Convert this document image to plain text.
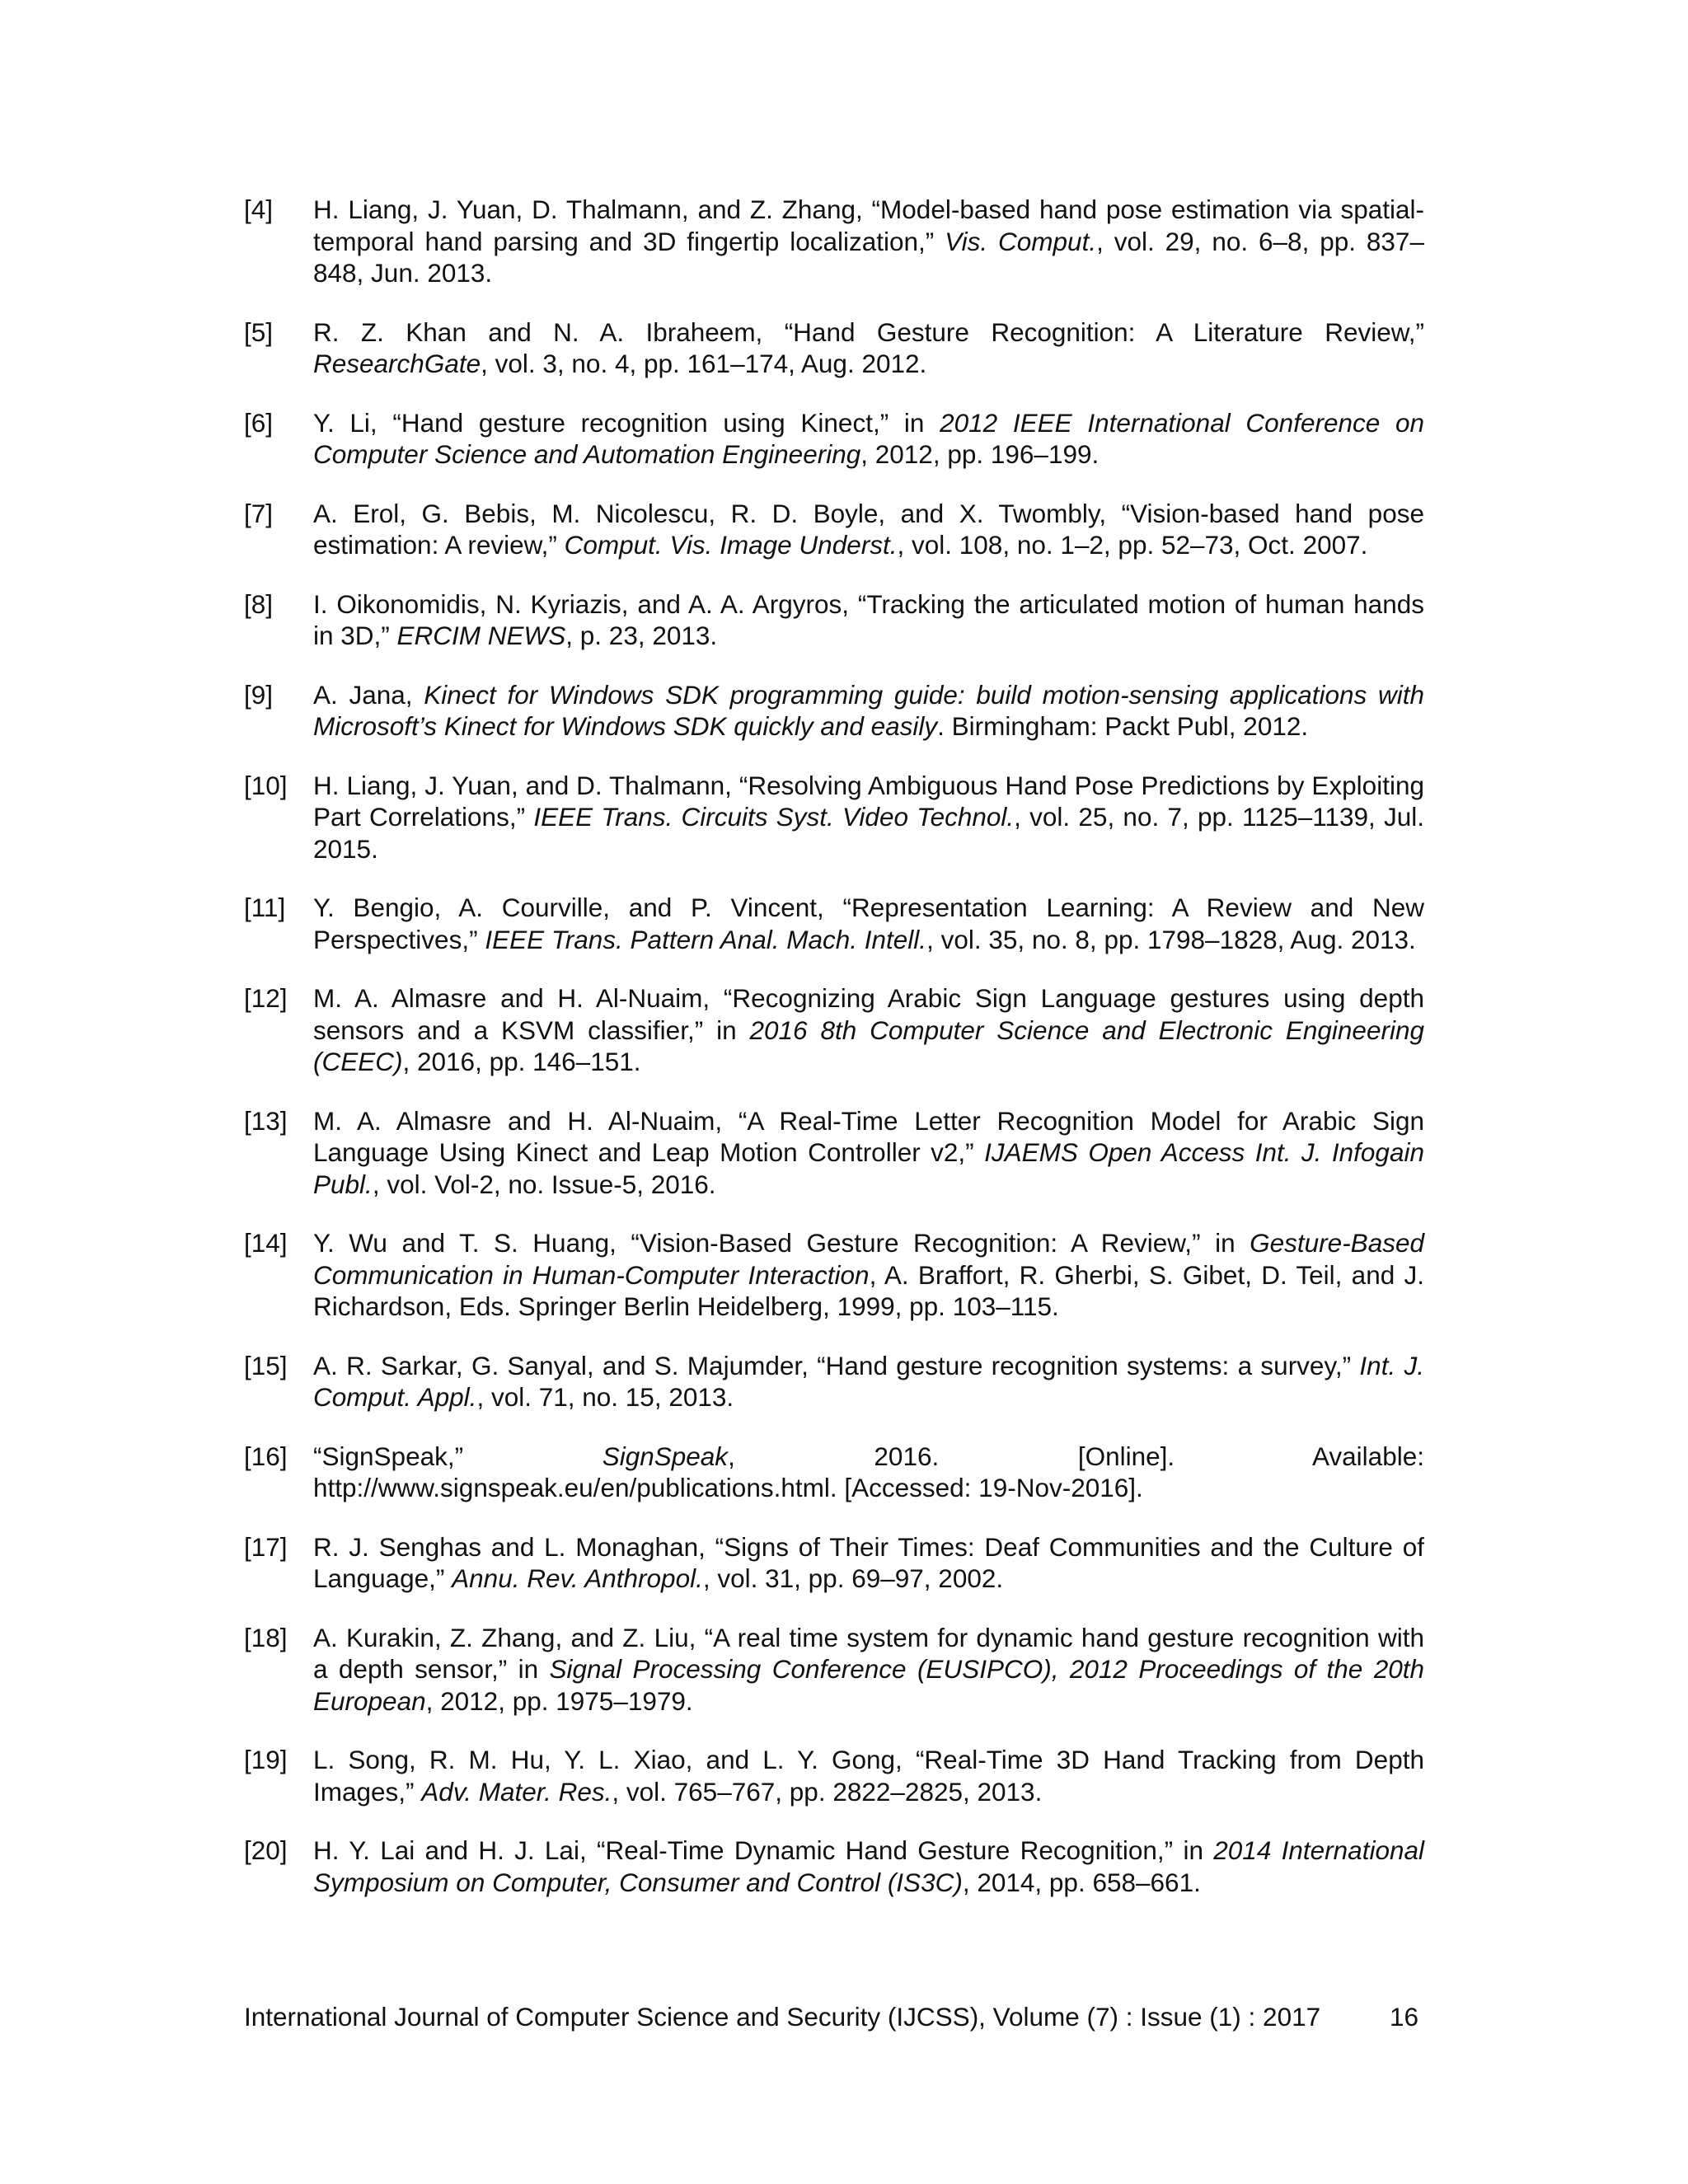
[4] H. Liang, J. Yuan, D. Thalmann, and Z. Zhang, “Model-based hand pose estimation via spatial-temporal hand parsing and 3D fingertip localization,” Vis. Comput., vol. 29, no. 6–8, pp. 837–848, Jun. 2013.
[5] R. Z. Khan and N. A. Ibraheem, “Hand Gesture Recognition: A Literature Review,” ResearchGate, vol. 3, no. 4, pp. 161–174, Aug. 2012.
[6] Y. Li, “Hand gesture recognition using Kinect,” in 2012 IEEE International Conference on Computer Science and Automation Engineering, 2012, pp. 196–199.
[7] A. Erol, G. Bebis, M. Nicolescu, R. D. Boyle, and X. Twombly, “Vision-based hand pose estimation: A review,” Comput. Vis. Image Underst., vol. 108, no. 1–2, pp. 52–73, Oct. 2007.
[8] I. Oikonomidis, N. Kyriazis, and A. A. Argyros, “Tracking the articulated motion of human hands in 3D,” ERCIM NEWS, p. 23, 2013.
[9] A. Jana, Kinect for Windows SDK programming guide: build motion-sensing applications with Microsoft’s Kinect for Windows SDK quickly and easily. Birmingham: Packt Publ, 2012.
[10] H. Liang, J. Yuan, and D. Thalmann, “Resolving Ambiguous Hand Pose Predictions by Exploiting Part Correlations,” IEEE Trans. Circuits Syst. Video Technol., vol. 25, no. 7, pp. 1125–1139, Jul. 2015.
[11] Y. Bengio, A. Courville, and P. Vincent, “Representation Learning: A Review and New Perspectives,” IEEE Trans. Pattern Anal. Mach. Intell., vol. 35, no. 8, pp. 1798–1828, Aug. 2013.
[12] M. A. Almasre and H. Al-Nuaim, “Recognizing Arabic Sign Language gestures using depth sensors and a KSVM classifier,” in 2016 8th Computer Science and Electronic Engineering (CEEC), 2016, pp. 146–151.
[13] M. A. Almasre and H. Al-Nuaim, “A Real-Time Letter Recognition Model for Arabic Sign Language Using Kinect and Leap Motion Controller v2,” IJAEMS Open Access Int. J. Infogain Publ., vol. Vol-2, no. Issue-5, 2016.
[14] Y. Wu and T. S. Huang, “Vision-Based Gesture Recognition: A Review,” in Gesture-Based Communication in Human-Computer Interaction, A. Braffort, R. Gherbi, S. Gibet, D. Teil, and J. Richardson, Eds. Springer Berlin Heidelberg, 1999, pp. 103–115.
[15] A. R. Sarkar, G. Sanyal, and S. Majumder, “Hand gesture recognition systems: a survey,” Int. J. Comput. Appl., vol. 71, no. 15, 2013.
[16] “SignSpeak,” SignSpeak, 2016. [Online]. Available: http://www.signspeak.eu/en/publications.html. [Accessed: 19-Nov-2016].
[17] R. J. Senghas and L. Monaghan, “Signs of Their Times: Deaf Communities and the Culture of Language,” Annu. Rev. Anthropol., vol. 31, pp. 69–97, 2002.
[18] A. Kurakin, Z. Zhang, and Z. Liu, “A real time system for dynamic hand gesture recognition with a depth sensor,” in Signal Processing Conference (EUSIPCO), 2012 Proceedings of the 20th European, 2012, pp. 1975–1979.
[19] L. Song, R. M. Hu, Y. L. Xiao, and L. Y. Gong, “Real-Time 3D Hand Tracking from Depth Images,” Adv. Mater. Res., vol. 765–767, pp. 2822–2825, 2013.
[20] H. Y. Lai and H. J. Lai, “Real-Time Dynamic Hand Gesture Recognition,” in 2014 International Symposium on Computer, Consumer and Control (IS3C), 2014, pp. 658–661.
International Journal of Computer Science and Security (IJCSS), Volume (7) : Issue (1) : 2017	16
